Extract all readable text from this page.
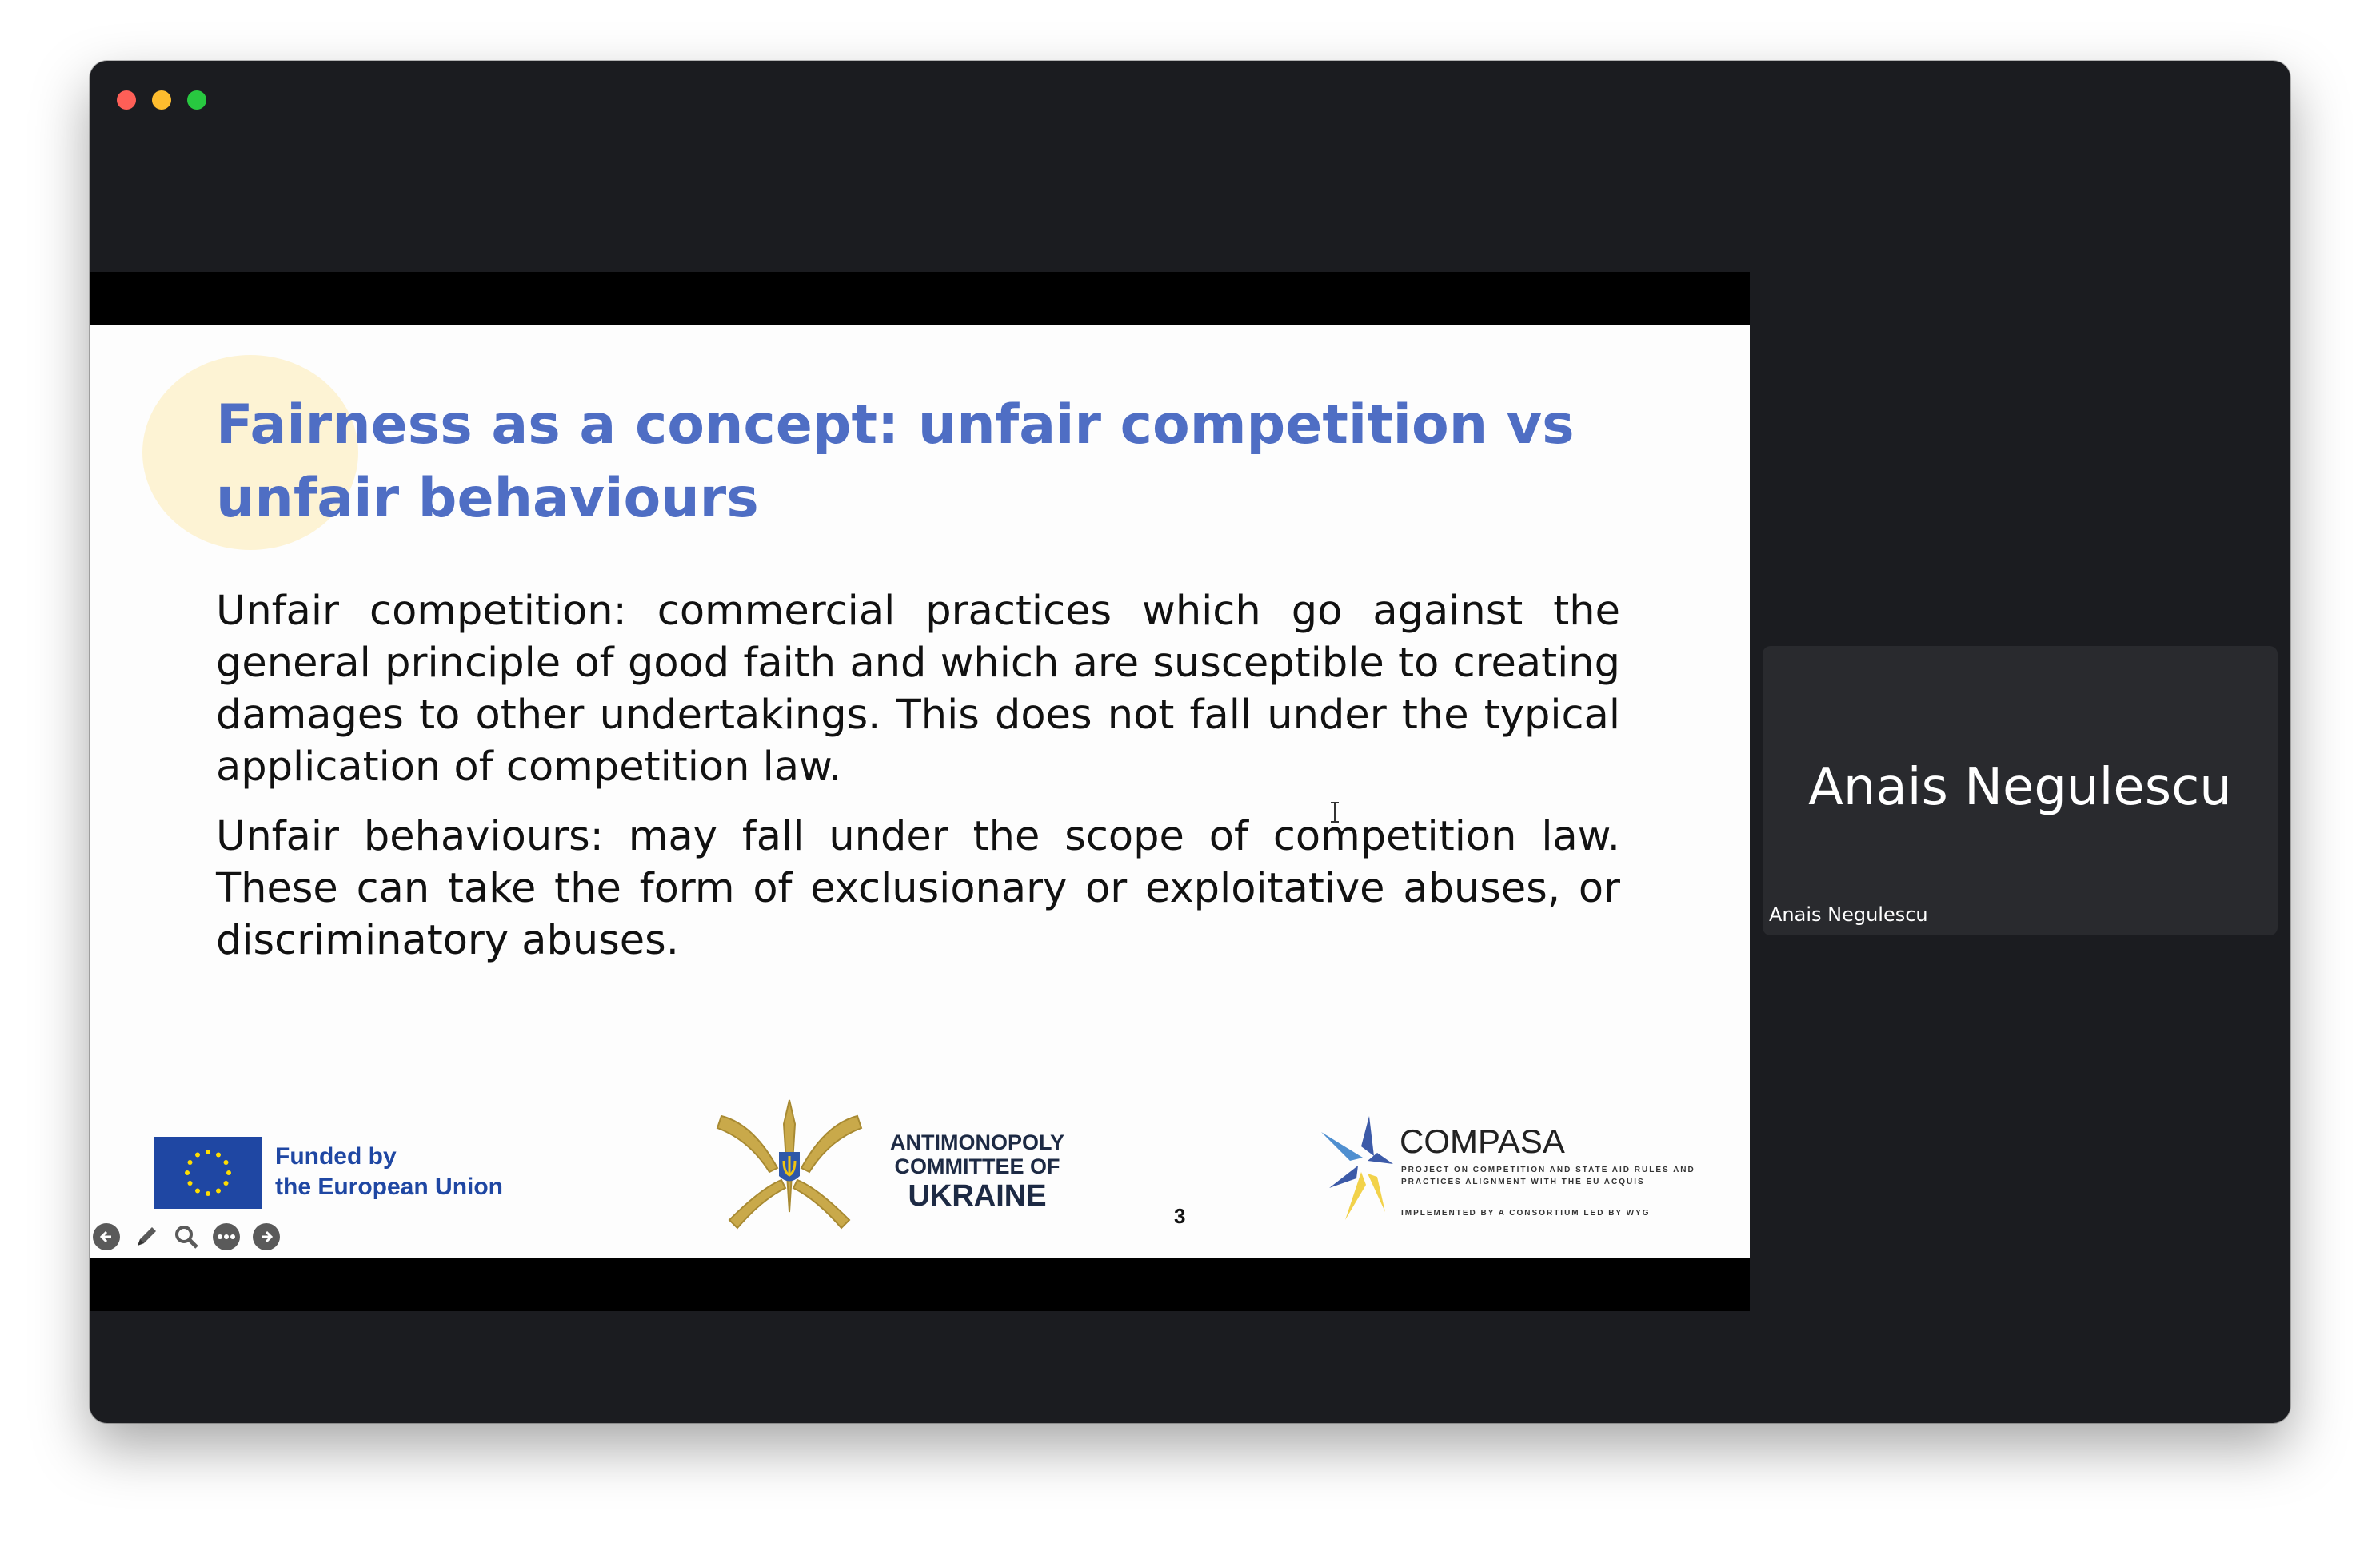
Fairness as a concept: unfair competition vs unfair behaviours

Unfair competition: commercial practices which go against the general principle of good faith and which are susceptible to creating damages to other undertakings. This does not fall under the typical application of competition law.

Unfair behaviours: may fall under the scope of competition law. These can take the form of exclusionary or exploitative abuses, or discriminatory abuses.

Funded by
the European Union
ANTIMONOPOLY
COMMITTEE OF
UKRAINE
3
COMPASA
PROJECT ON COMPETITION AND STATE AID RULES AND PRACTICES ALIGNMENT WITH THE EU ACQUIS
IMPLEMENTED BY A CONSORTIUM LED BY WYG
Anais Negulescu
Anais Negulescu
